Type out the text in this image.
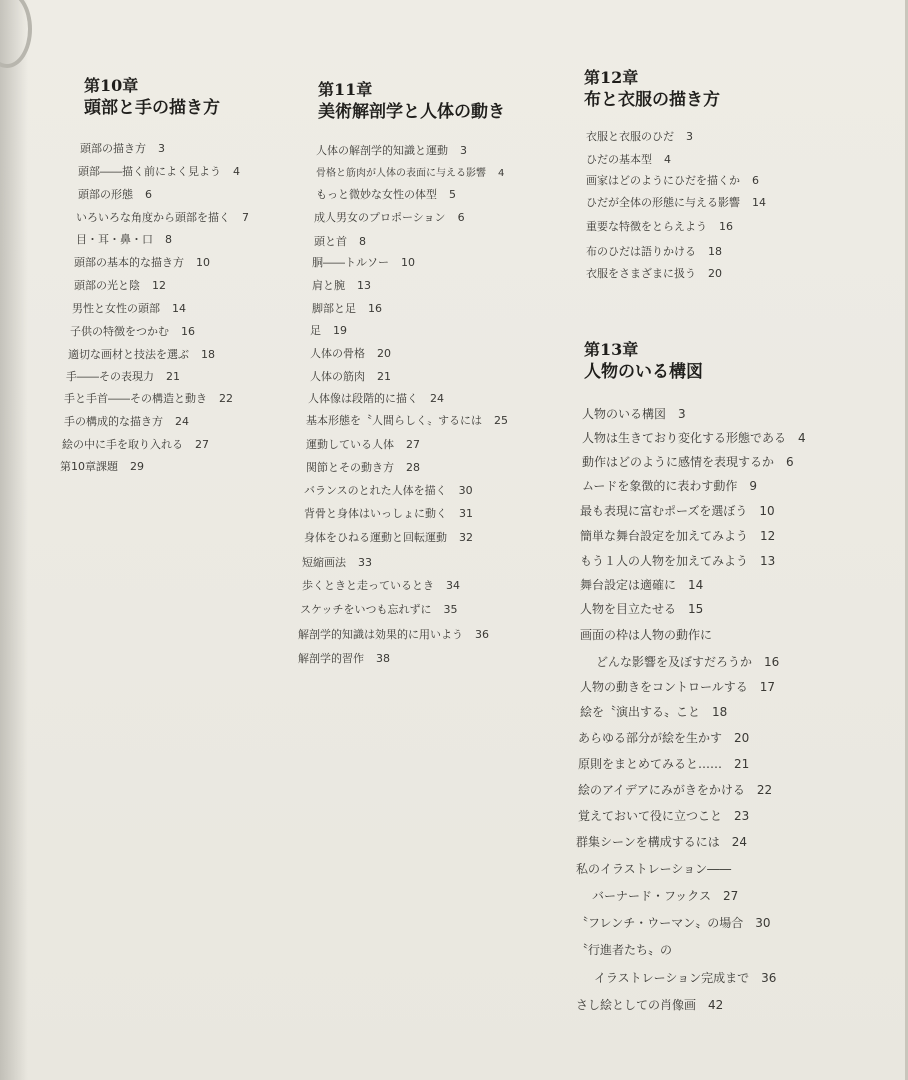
第10章
頭部と手の描き方
第11章
美術解剖学と人体の動き
第12章
布と衣服の描き方
第13章
人物のいる構図
頭部の描き方 3
頭部――描く前によく見よう 4
頭部の形態 6
いろいろな角度から頭部を描く 7
目・耳・鼻・口 8
頭部の基本的な描き方 10
頭部の光と陰 12
男性と女性の頭部 14
子供の特徴をつかむ 16
適切な画材と技法を選ぶ 18
手――その表現力 21
手と手首――その構造と動き 22
手の構成的な描き方 24
絵の中に手を取り入れる 27
第10章課題 29
人体の解剖学的知識と運動 3
骨格と筋肉が人体の表面に与える影響 4
もっと微妙な女性の体型 5
成人男女のプロポーション 6
頭と首 8
胴――トルソー 10
肩と腕 13
脚部と足 16
足 19
人体の骨格 20
人体の筋肉 21
人体像は段階的に描く 24
基本形態を〝人間らしく〟するには 25
運動している人体 27
関節とその動き方 28
バランスのとれた人体を描く 30
背骨と身体はいっしょに動く 31
身体をひねる運動と回転運動 32
短縮画法 33
歩くときと走っているとき 34
スケッチをいつも忘れずに 35
解剖学的知識は効果的に用いよう 36
解剖学的習作 38
衣服と衣服のひだ 3
ひだの基本型 4
画家はどのようにひだを描くか 6
ひだが全体の形態に与える影響 14
重要な特徴をとらえよう 16
布のひだは語りかける 18
衣服をさまざまに扱う 20
人物のいる構図 3
人物は生きており変化する形態である 4
動作はどのように感情を表現するか 6
ムードを象徴的に表わす動作 9
最も表現に富むポーズを選ぼう 10
簡単な舞台設定を加えてみよう 12
もう１人の人物を加えてみよう 13
舞台設定は適確に 14
人物を目立たせる 15
画面の枠は人物の動作に
どんな影響を及ぼすだろうか 16
人物の動きをコントロールする 17
絵を〝演出する〟こと 18
あらゆる部分が絵を生かす 20
原則をまとめてみると…… 21
絵のアイデアにみがきをかける 22
覚えておいて役に立つこと 23
群集シーンを構成するには 24
私のイラストレーション――
バーナード・フックス 27
〝フレンチ・ウーマン〟の場合 30
〝行進者たち〟の
イラストレーション完成まで 36
さし絵としての肖像画 42
